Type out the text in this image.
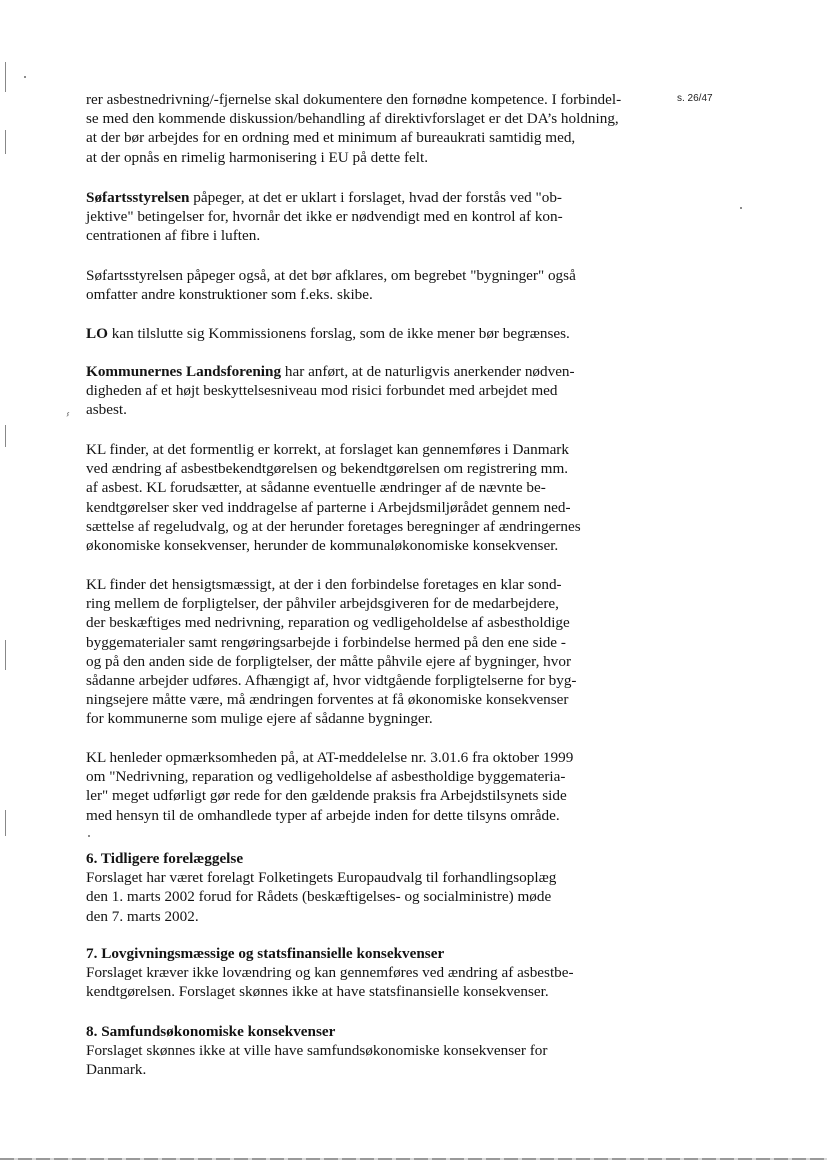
s. 26/47

rer asbestnedrivning/-fjernelse skal dokumentere den fornødne kompetence. I forbindel-
se med den kommende diskussion/behandling af direktivforslaget er det DA’s holdning,
at der bør arbejdes for en ordning med et minimum af bureaukrati samtidig med,
at der opnås en rimelig harmonisering i EU på dette felt.

Søfartsstyrelsen påpeger, at det er uklart i forslaget, hvad der forstås ved "ob-
jektive" betingelser for, hvornår det ikke er nødvendigt med en kontrol af kon-
centrationen af fibre i luften.

Søfartsstyrelsen påpeger også, at det bør afklares, om begrebet "bygninger" også
omfatter andre konstruktioner som f.eks. skibe.

LO kan tilslutte sig Kommissionens forslag, som de ikke mener bør begrænses.

Kommunernes Landsforening har anført, at de naturligvis anerkender nødven-
digheden af et højt beskyttelsesniveau mod risici forbundet med arbejdet med
asbest.

KL finder, at det formentlig er korrekt, at forslaget kan gennemføres i Danmark
ved ændring af asbestbekendtgørelsen og bekendtgørelsen om registrering mm.
af asbest. KL forudsætter, at sådanne eventuelle ændringer af de nævnte be-
kendtgørelser sker ved inddragelse af parterne i Arbejdsmiljørådet gennem ned-
sættelse af regeludvalg, og at der herunder foretages beregninger af ændringernes
økonomiske konsekvenser, herunder de kommunaløkonomiske konsekvenser.

KL finder det hensigtsmæssigt, at der i den forbindelse foretages en klar sond-
ring mellem de forpligtelser, der påhviler arbejdsgiveren for de medarbejdere,
der beskæftiges med nedrivning, reparation og vedligeholdelse af asbestholdige
byggematerialer samt rengøringsarbejde i forbindelse hermed på den ene side -
og på den anden side de forpligtelser, der måtte påhvile ejere af bygninger, hvor
sådanne arbejder udføres. Afhængigt af, hvor vidtgående forpligtelserne for byg-
ningsejere måtte være, må ændringen forventes at få økonomiske konsekvenser
for kommunerne som mulige ejere af sådanne bygninger.

KL henleder opmærksomheden på, at AT-meddelelse nr. 3.01.6 fra oktober 1999
om "Nedrivning, reparation og vedligeholdelse af asbestholdige byggemateria-
ler" meget udførligt gør rede for den gældende praksis fra Arbejdstilsynets side
med hensyn til de omhandlede typer af arbejde inden for dette tilsyns område.

6. Tidligere forelæggelse
Forslaget har været forelagt Folketingets Europaudvalg til forhandlingsoplæg
den 1. marts 2002 forud for Rådets (beskæftigelses- og socialministre) møde
den 7. marts 2002.
7. Lovgivningsmæssige og statsfinansielle konsekvenser
Forslaget kræver ikke lovændring og kan gennemføres ved ændring af asbestbe-
kendtgørelsen. Forslaget skønnes ikke at have statsfinansielle konsekvenser.
8. Samfundsøkonomiske konsekvenser
Forslaget skønnes ikke at ville have samfundsøkonomiske konsekvenser for
Danmark.
ⸯ
